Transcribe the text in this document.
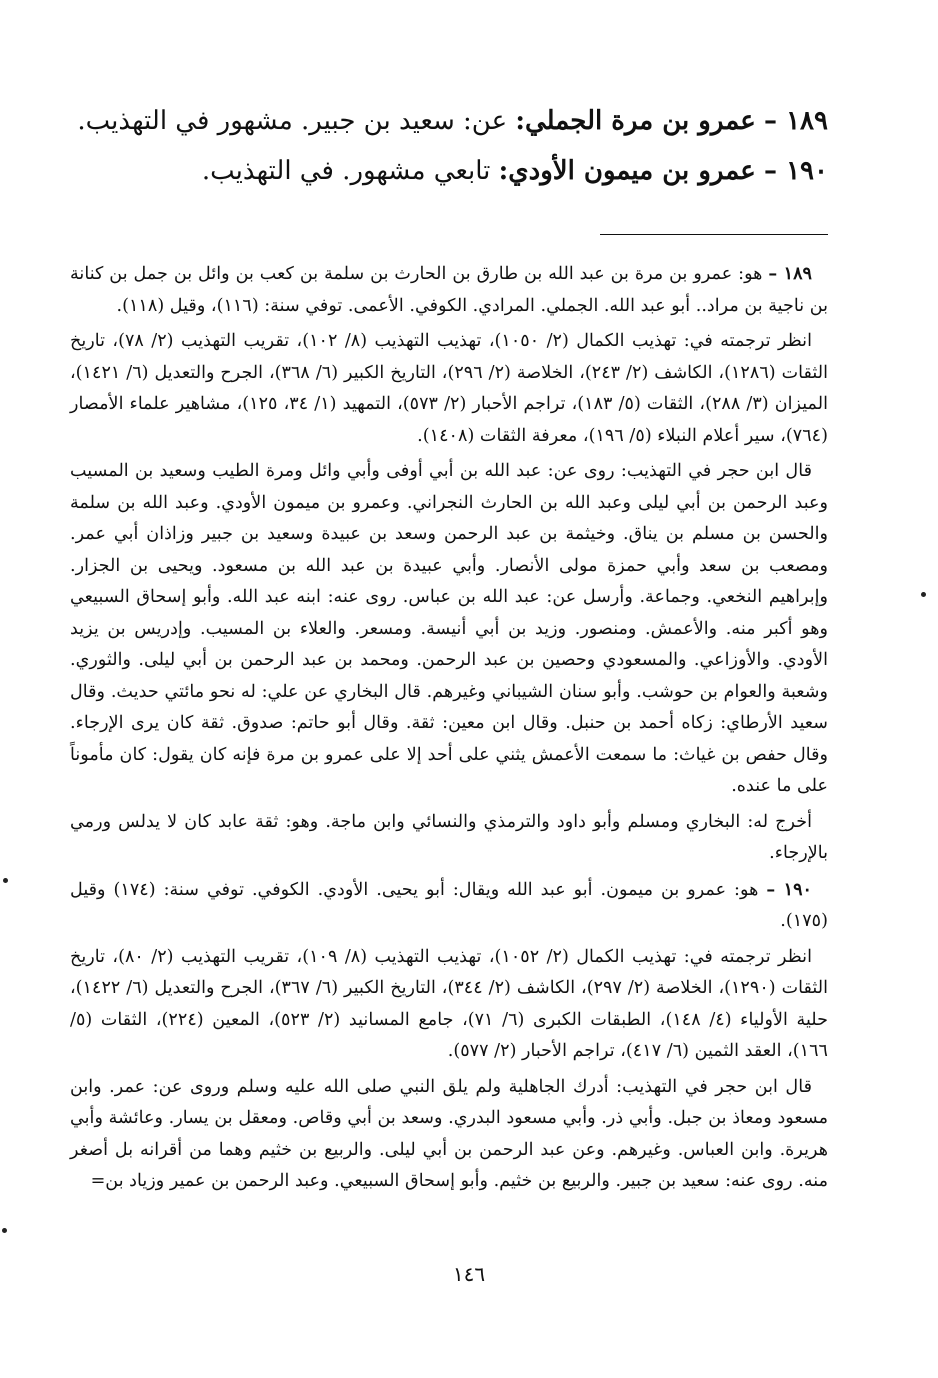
١٨٩ – عمرو بن مرة الجملي: عن: سعيد بن جبير. مشهور في التهذيب.
١٩٠ – عمرو بن ميمون الأودي: تابعي مشهور. في التهذيب.

١٨٩ – هو: عمرو بن مرة بن عبد الله بن طارق بن الحارث بن سلمة بن كعب بن وائل بن جمل بن كنانة بن ناجية بن مراد.. أبو عبد الله. الجملي. المرادي. الكوفي. الأعمى. توفي سنة: (١١٦)، وقيل (١١٨).

انظر ترجمته في: تهذيب الكمال (٢/ ١٠٥٠)، تهذيب التهذيب (٨/ ١٠٢)، تقريب التهذيب (٢/ ٧٨)، تاريخ الثقات (١٢٨٦)، الكاشف (٢/ ٢٤٣)، الخلاصة (٢/ ٢٩٦)، التاريخ الكبير (٦/ ٣٦٨)، الجرح والتعديل (٦/ ١٤٢١)، الميزان (٣/ ٢٨٨)، الثقات (٥/ ١٨٣)، تراجم الأحبار (٢/ ٥٧٣)، التمهيد (١/ ٣٤، ١٢٥)، مشاهير علماء الأمصار (٧٦٤)، سير أعلام النبلاء (٥/ ١٩٦)، معرفة الثقات (١٤٠٨).

قال ابن حجر في التهذيب: روى عن: عبد الله بن أبي أوفى وأبي وائل ومرة الطيب وسعيد بن المسيب وعبد الرحمن بن أبي ليلى وعبد الله بن الحارث النجراني. وعمرو بن ميمون الأودي. وعبد الله بن سلمة والحسن بن مسلم بن يناق. وخيثمة بن عبد الرحمن وسعد بن عبيدة وسعيد بن جبير وزاذان أبي عمر. ومصعب بن سعد وأبي حمزة مولى الأنصار. وأبي عبيدة بن عبد الله بن مسعود. ويحيى بن الجزار. وإبراهيم النخعي. وجماعة. وأرسل عن: عبد الله بن عباس. روى عنه: ابنه عبد الله. وأبو إسحاق السبيعي وهو أكبر منه. والأعمش. ومنصور. وزيد بن أبي أنيسة. ومسعر. والعلاء بن المسيب. وإدريس بن يزيد الأودي. والأوزاعي. والمسعودي وحصين بن عبد الرحمن. ومحمد بن عبد الرحمن بن أبي ليلى. والثوري. وشعبة والعوام بن حوشب. وأبو سنان الشيباني وغيرهم. قال البخاري عن علي: له نحو مائتي حديث. وقال سعيد الأرطاي: زكاه أحمد بن حنبل. وقال ابن معين: ثقة. وقال أبو حاتم: صدوق. ثقة كان يرى الإرجاء. وقال حفص بن غياث: ما سمعت الأعمش يثني على أحد إلا على عمرو بن مرة فإنه كان يقول: كان مأموناً على ما عنده.

أخرج له: البخاري ومسلم وأبو داود والترمذي والنسائي وابن ماجة. وهو: ثقة عابد كان لا يدلس ورمي بالإرجاء.

١٩٠ – هو: عمرو بن ميمون. أبو عبد الله ويقال: أبو يحيى. الأودي. الكوفي. توفي سنة: (١٧٤) وقيل (١٧٥).

انظر ترجمته في: تهذيب الكمال (٢/ ١٠٥٢)، تهذيب التهذيب (٨/ ١٠٩)، تقريب التهذيب (٢/ ٨٠)، تاريخ الثقات (١٢٩٠)، الخلاصة (٢/ ٢٩٧)، الكاشف (٢/ ٣٤٤)، التاريخ الكبير (٦/ ٣٦٧)، الجرح والتعديل (٦/ ١٤٢٢)، حلية الأولياء (٤/ ١٤٨)، الطبقات الكبرى (٦/ ٧١)، جامع المسانيد (٢/ ٥٢٣)، المعين (٢٢٤)، الثقات (٥/ ١٦٦)، العقد الثمين (٦/ ٤١٧)، تراجم الأحبار (٢/ ٥٧٧).

قال ابن حجر في التهذيب: أدرك الجاهلية ولم يلق النبي صلى الله عليه وسلم وروى عن: عمر. وابن مسعود ومعاذ بن جبل. وأبي ذر. وأبي مسعود البدري. وسعد بن أبي وقاص. ومعقل بن يسار. وعائشة وأبي هريرة. وابن العباس. وغيرهم. وعن عبد الرحمن بن أبي ليلى. والربيع بن خثيم وهما من أقرانه بل أصغر منه. روى عنه: سعيد بن جبير. والربيع بن خثيم. وأبو إسحاق السبيعي. وعبد الرحمن بن عمير وزياد بن=

١٤٦
